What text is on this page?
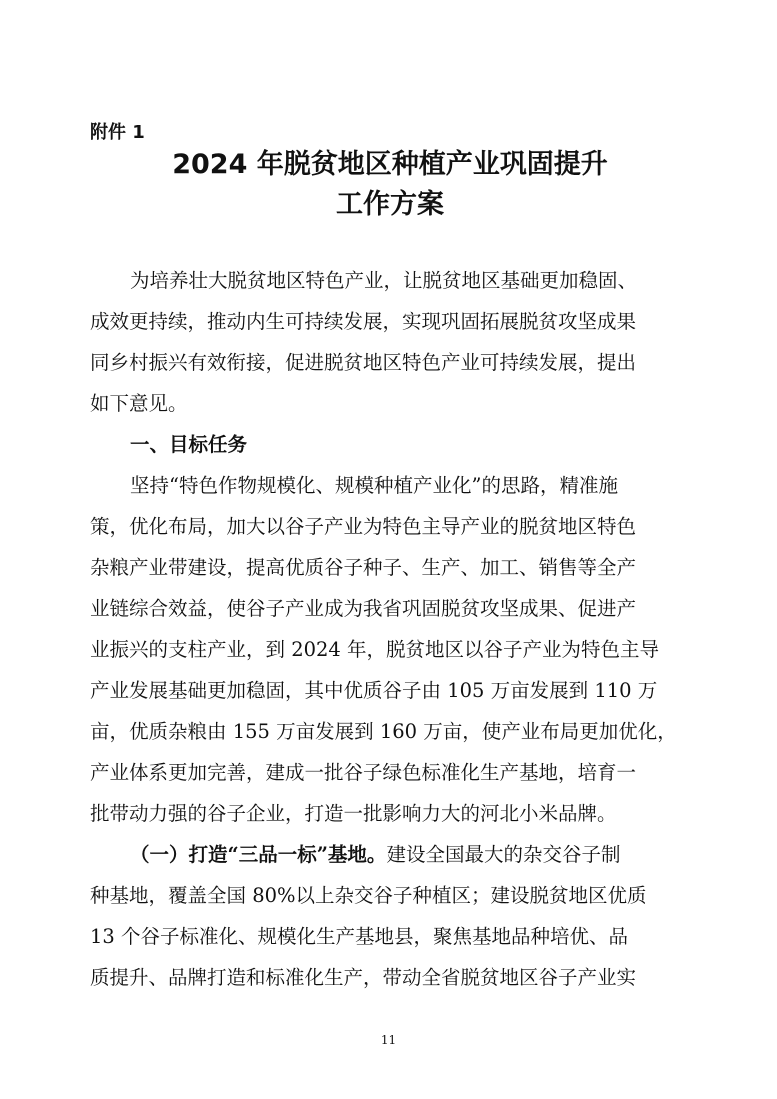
附件 1

2024 年脱贫地区种植产业巩固提升
工作方案

为培养壮大脱贫地区特色产业，让脱贫地区基础更加稳固、

成效更持续，推动内生可持续发展，实现巩固拓展脱贫攻坚成果

同乡村振兴有效衔接，促进脱贫地区特色产业可持续发展，提出

如下意见。

一、目标任务

坚持“特色作物规模化、规模种植产业化”的思路，精准施

策，优化布局，加大以谷子产业为特色主导产业的脱贫地区特色

杂粮产业带建设，提高优质谷子种子、生产、加工、销售等全产

业链综合效益，使谷子产业成为我省巩固脱贫攻坚成果、促进产

业振兴的支柱产业，到 2024 年，脱贫地区以谷子产业为特色主导

产业发展基础更加稳固，其中优质谷子由 105 万亩发展到 110 万

亩，优质杂粮由 155 万亩发展到 160 万亩，使产业布局更加优化，

产业体系更加完善，建成一批谷子绿色标准化生产基地，培育一

批带动力强的谷子企业，打造一批影响力大的河北小米品牌。

（一）打造“三品一标”基地。建设全国最大的杂交谷子制

种基地，覆盖全国 80%以上杂交谷子种植区；建设脱贫地区优质

13 个谷子标准化、规模化生产基地县，聚焦基地品种培优、品

质提升、品牌打造和标准化生产，带动全省脱贫地区谷子产业实

11
